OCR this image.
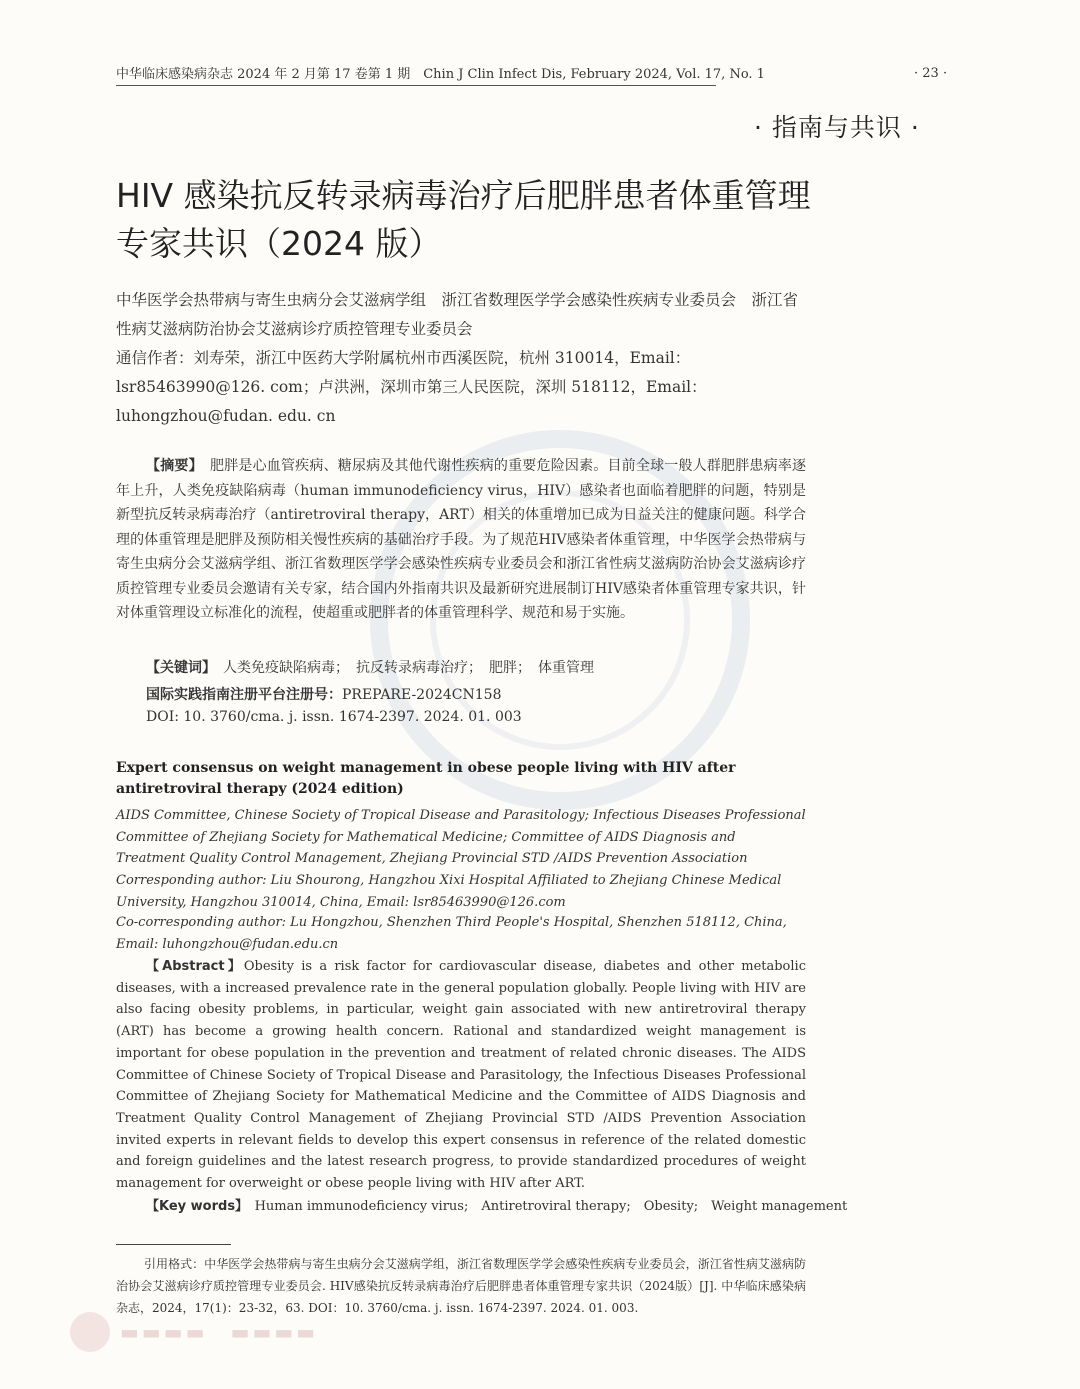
中华临床感染病杂志 2024 年 2 月第 17 卷第 1 期　Chin J Clin Infect Dis, February 2024, Vol. 17, No. 1	· 23 ·
· 指南与共识 ·
HIV 感染抗反转录病毒治疗后肥胖患者体重管理专家共识（2024 版）
中华医学会热带病与寄生虫病分会艾滋病学组　浙江省数理医学学会感染性疾病专业委员会　浙江省性病艾滋病防治协会艾滋病诊疗质控管理专业委员会
通信作者：刘寿荣，浙江中医药大学附属杭州市西溪医院，杭州 310014，Email：lsr85463990@126. com；卢洪洲，深圳市第三人民医院，深圳 518112，Email：luhongzhou@fudan. edu. cn
【摘要】　 肥胖是心血管疾病、糖尿病及其他代谢性疾病的重要危险因素。目前全球一般人群肥胖患病率逐年上升，人类免疫缺陷病毒（human immunodeficiency virus，HIV）感染者也面临着肥胖的问题，特别是新型抗反转录病毒治疗（antiretroviral therapy，ART）相关的体重增加已成为日益关注的健康问题。科学合理的体重管理是肥胖及预防相关慢性疾病的基础治疗手段。为了规范HIV感染者体重管理，中华医学会热带病与寄生虫病分会艾滋病学组、浙江省数理医学学会感染性疾病专业委员会和浙江省性病艾滋病防治协会艾滋病诊疗质控管理专业委员会邀请有关专家，结合国内外指南共识及最新研究进展制订HIV感染者体重管理专家共识，针对体重管理设立标准化的流程，使超重或肥胖者的体重管理科学、规范和易于实施。
【关键词】　 人类免疫缺陷病毒；　抗反转录病毒治疗；　肥胖；　体重管理
国际实践指南注册平台注册号：PREPARE-2024CN158
DOI: 10. 3760/cma. j. issn. 1674-2397. 2024. 01. 003
Expert consensus on weight management in obese people living with HIV after antiretroviral therapy (2024 edition)
AIDS Committee, Chinese Society of Tropical Disease and Parasitology; Infectious Diseases Professional Committee of Zhejiang Society for Mathematical Medicine; Committee of AIDS Diagnosis and Treatment Quality Control Management, Zhejiang Provincial STD /AIDS Prevention Association
Corresponding author: Liu Shourong, Hangzhou Xixi Hospital Affiliated to Zhejiang Chinese Medical University, Hangzhou 310014, China, Email: lsr85463990@126.com
Co-corresponding author: Lu Hongzhou, Shenzhen Third People's Hospital, Shenzhen 518112, China, Email: luhongzhou@fudan.edu.cn
【Abstract】Obesity is a risk factor for cardiovascular disease, diabetes and other metabolic diseases, with a increased prevalence rate in the general population globally. People living with HIV are also facing obesity problems, in particular, weight gain associated with new antiretroviral therapy (ART) has become a growing health concern. Rational and standardized weight management is important for obese population in the prevention and treatment of related chronic diseases. The AIDS Committee of Chinese Society of Tropical Disease and Parasitology, the Infectious Diseases Professional Committee of Zhejiang Society for Mathematical Medicine and the Committee of AIDS Diagnosis and Treatment Quality Control Management of Zhejiang Provincial STD /AIDS Prevention Association invited experts in relevant fields to develop this expert consensus in reference of the related domestic and foreign guidelines and the latest research progress, to provide standardized procedures of weight management for overweight or obese people living with HIV after ART.
【Key words】　 Human immunodeficiency virus;　Antiretroviral therapy;　Obesity;　Weight management
引用格式：中华医学会热带病与寄生虫病分会艾滋病学组，浙江省数理医学学会感染性疾病专业委员会，浙江省性病艾滋病防治协会艾滋病诊疗质控管理专业委员会. HIV感染抗反转录病毒治疗后肥胖患者体重管理专家共识（2024版）[J]. 中华临床感染病杂志，2024，17(1)：23-32，63. DOI：10. 3760/cma. j. issn. 1674-2397. 2024. 01. 003.
▬▬▬▬　▬▬▬▬
